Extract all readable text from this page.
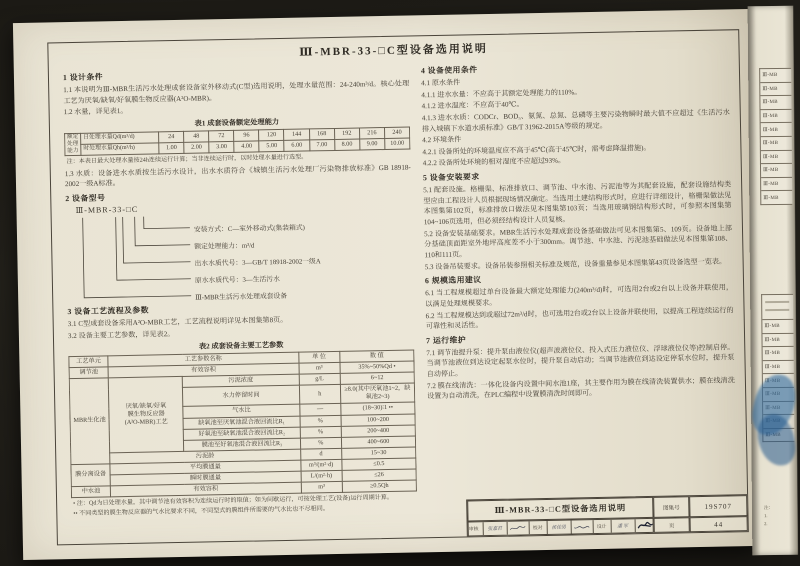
Ⅲ-MBR-33-□C型设备选用说明
1 设计条件

1.1 本说明为Ⅲ-MBR生活污水处理成套设备室外移动式(C型)选用说明，处理水量范围：24-240m³/d。核心处理工艺为厌氧/缺氧/好氧膜生物反应器(A²O-MBR)。

1.2 水量，详见表1。

表1 成套设备额定处理能力
额定处理能力	日处理水量Qd(m³/d)	24	48	72	96	120	144	168	192	216	240
	时处理水量Qh(m³/h)	1.00	2.00	3.00	4.00	5.00	6.00	7.00	8.00	9.00	10.00
注：本表日最大处理水量按24h连续运行计算；当非连续运行时，以时处理水量进行选型。

1.3 水质：设备进水水质按生活污水设计，出水水质符合《城镇生活污水处理厂污染物排放标准》GB 18918-2002一级A标准。

2 设备型号
Ⅲ-MBR-33-□C
安装方式：C—室外移动式(集装箱式)
额定处理能力：m³/d
出水水质代号：3—GB/T 18918-2002一级A
原水水质代号：3—生活污水
Ⅲ-MBR生活污水处理成套设备
3 设备工艺流程及参数

3.1 C型成套设备采用A²O-MBR工艺，工艺流程说明详见本图集第8页。

3.2 设备主要工艺参数，详见表2。

表2 成套设备主要工艺参数
工艺单元	工艺参数名称		单 位	数 值
调节池	有效容积		m³	35%~50%Qd •
MBR生化池	厌氧/缺氧/好氧
膜生物反应器
(A²O-MBR)工艺	污泥浓度	g/L	6~12
		水力停留时间	h	≥8.0(其中厌氧池1~2，缺氧池2~3)
		气水比	—	(18~30)∶1 ••
		缺氧池至厌氧池混合液回流比R₁	%	100~200
		好氧池至缺氧池混合液回流比R₂	%	200~400
		膜池至好氧池混合液回流比R₃	%	400~600
	污泥龄		d	15~30
膜分离设备	平均膜通量		m³/(m²·d)	≤0.5
	瞬时膜通量		L/(m²·h)	≤26
中水池	有效容积		m³	≥0.5Qh
• 注：Qd为日处理水量，其中调节池有效容积为连续运行时的取值；如为间歇运行，可按处理工艺(设备)运行周期计算。
•• 不同类型的膜生物反应器的气水比要求不同，不同型式的膜组件所需要的气水比也不尽相同。
4 设备使用条件

4.1 原水条件

4.1.1 进水水量：不应高于其额定处理能力的110%。

4.1.2 进水温度：不应高于40℃。

4.1.3 进水水质：CODCr、BOD₅、氨氮、总氮、总磷等主要污染物瞬时最大值不应超过《生活污水排入城镇下水道水质标准》GB/T 31962-2015A等级的规定。

4.2 环境条件

4.2.1 设备所处的环境温度应不高于45℃(高于45℃时，需考虑降温措施)。

4.2.2 设备所处环境的相对湿度不应超过93%。

5 设备安装要求

5.1 配套设施。格栅渠、标准排放口、调节池、中水池、污泥池等为其配套设施，配套设施结构类型应由工程设计人员根据现场情况确定。当选用土建结构形式时，应进行详细设计，格栅渠做法见本图集第102页，标准排放口做法见本图集第103页；当选用玻璃钢结构形式时，可参照本图集第104~106页选用，但必须经结构设计人员复核。

5.2 设备安装基础要求。MBR生活污水处理成套设备基础做法可见本图集第5、109页。设备地上部分基础顶面距室外地坪高度差不小于300mm。调节池、中水池、污泥池基础做法见本图集第108、110和111页。

5.3 设备吊装要求。设备吊装参照相关标准及规范，设备重量参见本图集第43页设备选型一览表。

6 规模选用建议

6.1 当工程规模超过单台设备最大额定处理能力(240m³/d)时，可选用2台或2台以上设备并联使用，以满足处理规模要求。

6.2 当工程规模达到或超过72m³/d时，也可选用2台或2台以上设备并联使用，以提高工程连续运行的可靠性和灵活性。

7 运行维护

7.1 调节池提升泵：提升泵由液位仪(超声波液位仪、投入式压力液位仪、浮球液位仪等)控制启停。当调节池液位到达设定起泵水位时，提升泵自动启动；当调节池液位到达设定停泵水位时，提升泵自动停止。

7.2 膜在线清洗：一体化设备内设置中间水池1座，其主要作用为膜在线清洗装置供水；膜在线清洗设置为自动清洗，在PLC编程中设置膜清洗时间即可。

Ⅲ-MBR-33-□C型设备选用说明	图集号	19S707
审核	张嘉君	校对	侯佳男	设计	潘 军	页	44
Ⅲ-MB
Ⅲ-MB
Ⅲ-MB
Ⅲ-MB
Ⅲ-MB
Ⅲ-MB
Ⅲ-MB
Ⅲ-MB
Ⅲ-MB
Ⅲ-MB
Ⅲ-MB
Ⅲ-MB
Ⅲ-MB
Ⅲ-MB
注：
1.
2.
